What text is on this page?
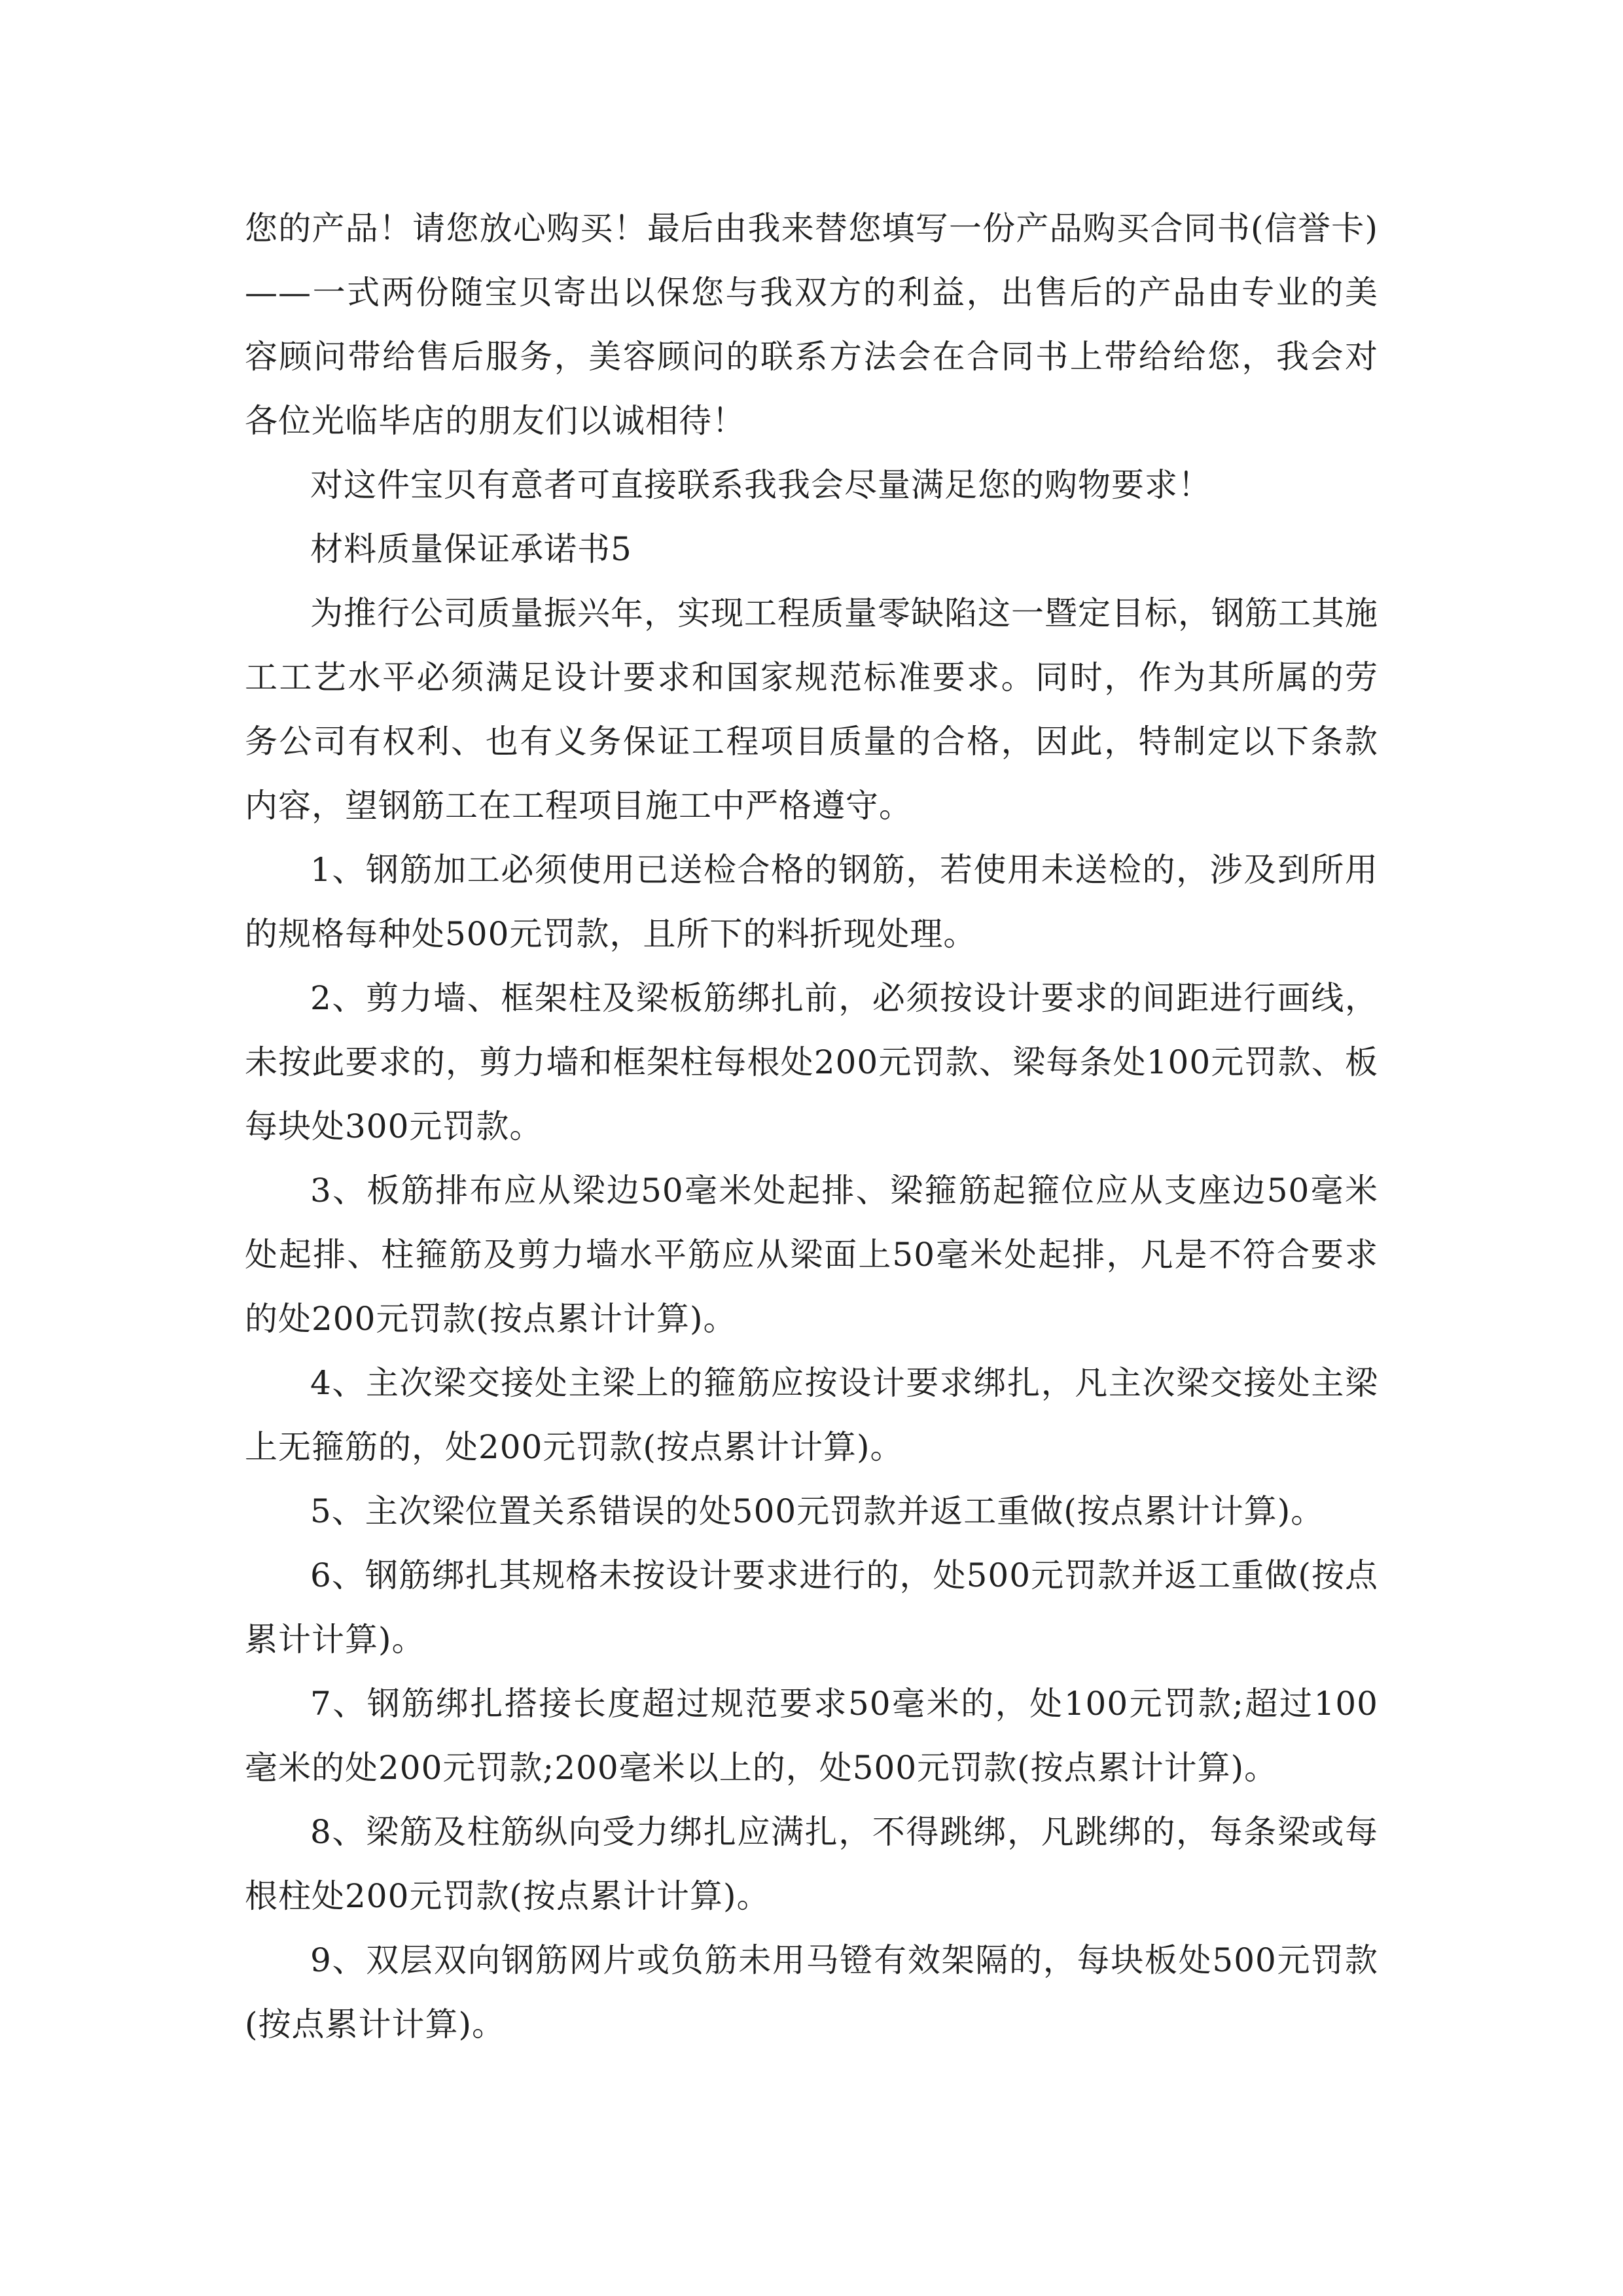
您的产品！请您放心购买！最后由我来替您填写一份产品购买合同书(信誉卡)——一式两份随宝贝寄出以保您与我双方的利益，出售后的产品由专业的美容顾问带给售后服务，美容顾问的联系方法会在合同书上带给给您，我会对各位光临毕店的朋友们以诚相待！

对这件宝贝有意者可直接联系我我会尽量满足您的购物要求！

材料质量保证承诺书5

为推行公司质量振兴年，实现工程质量零缺陷这一暨定目标，钢筋工其施工工艺水平必须满足设计要求和国家规范标准要求。同时，作为其所属的劳务公司有权利、也有义务保证工程项目质量的合格，因此，特制定以下条款内容，望钢筋工在工程项目施工中严格遵守。

1、钢筋加工必须使用已送检合格的钢筋，若使用未送检的，涉及到所用的规格每种处500元罚款，且所下的料折现处理。

2、剪力墙、框架柱及梁板筋绑扎前，必须按设计要求的间距进行画线，未按此要求的，剪力墙和框架柱每根处200元罚款、梁每条处100元罚款、板每块处300元罚款。

3、板筋排布应从梁边50毫米处起排、梁箍筋起箍位应从支座边50毫米处起排、柱箍筋及剪力墙水平筋应从梁面上50毫米处起排，凡是不符合要求的处200元罚款(按点累计计算)。

4、主次梁交接处主梁上的箍筋应按设计要求绑扎，凡主次梁交接处主梁上无箍筋的，处200元罚款(按点累计计算)。

5、主次梁位置关系错误的处500元罚款并返工重做(按点累计计算)。

6、钢筋绑扎其规格未按设计要求进行的，处500元罚款并返工重做(按点累计计算)。

7、钢筋绑扎搭接长度超过规范要求50毫米的，处100元罚款;超过100毫米的处200元罚款;200毫米以上的，处500元罚款(按点累计计算)。

8、梁筋及柱筋纵向受力绑扎应满扎，不得跳绑，凡跳绑的，每条梁或每根柱处200元罚款(按点累计计算)。

9、双层双向钢筋网片或负筋未用马镫有效架隔的，每块板处500元罚款(按点累计计算)。
